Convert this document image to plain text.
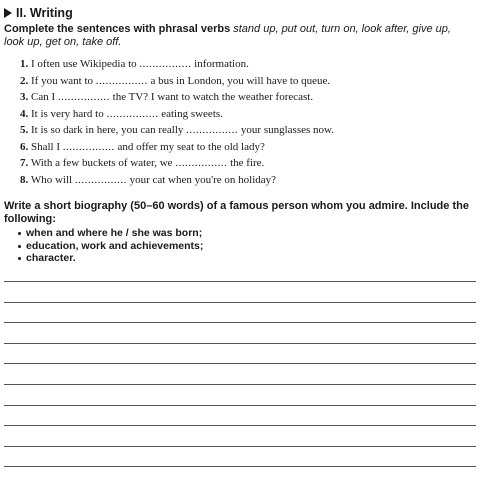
II. Writing
Complete the sentences with phrasal verbs stand up, put out, turn on, look after, give up, look up, get on, take off.
1. I often use Wikipedia to ................ information.
2. If you want to ................ a bus in London, you will have to queue.
3. Can I ................ the TV? I want to watch the weather forecast.
4. It is very hard to ................ eating sweets.
5. It is so dark in here, you can really ................ your sunglasses now.
6. Shall I ................ and offer my seat to the old lady?
7. With a few buckets of water, we ................ the fire.
8. Who will ................ your cat when you're on holiday?
Write a short biography (50–60 words) of a famous person whom you admire. Include the following:
when and where he / she was born;
education, work and achievements;
character.
